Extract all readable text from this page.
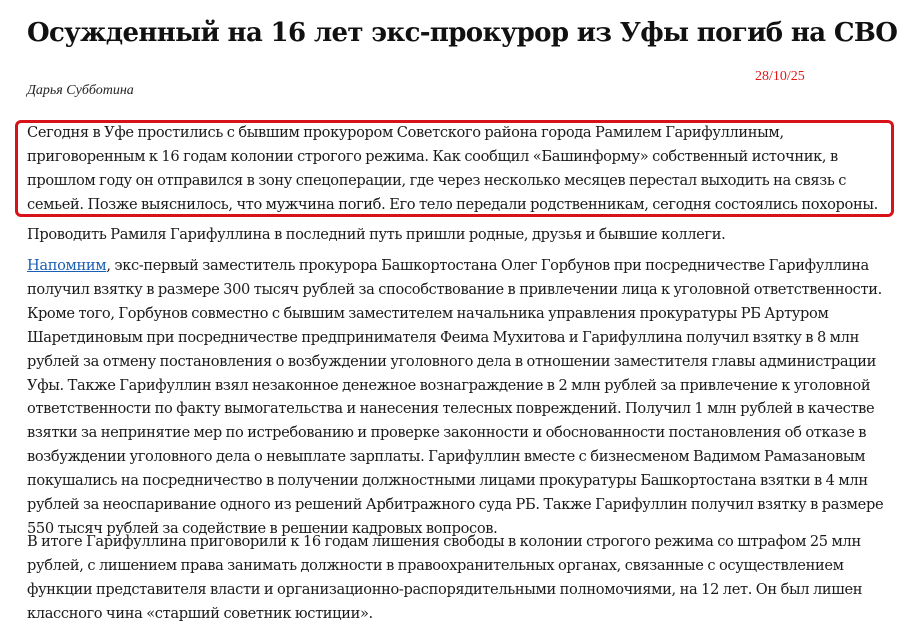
Осужденный на 16 лет экс-прокурор из Уфы погиб на СВО
Дарья Субботина
28/10/25

Сегодня в Уфе простились с бывшим прокурором Советского района города Рамилем Гарифуллиным,
приговоренным к 16 годам колонии строгого режима. Как сообщил «Башинформу» собственный источник, в
прошлом году он отправился в зону спецоперации, где через несколько месяцев перестал выходить на связь с
семьей. Позже выяснилось, что мужчина погиб. Его тело передали родственникам, сегодня состоялись похороны.

Проводить Рамиля Гарифуллина в последний путь пришли родные, друзья и бывшие коллеги.

Напомним, экс-первый заместитель прокурора Башкортостана Олег Горбунов при посредничестве Гарифуллина
получил взятку в размере 300 тысяч рублей за способствование в привлечении лица к уголовной ответственности.
Кроме того, Горбунов совместно с бывшим заместителем начальника управления прокуратуры РБ Артуром
Шаретдиновым при посредничестве предпринимателя Феима Мухитова и Гарифуллина получил взятку в 8 млн
рублей за отмену постановления о возбуждении уголовного дела в отношении заместителя главы администрации
Уфы. Также Гарифуллин взял незаконное денежное вознаграждение в 2 млн рублей за привлечение к уголовной
ответственности по факту вымогательства и нанесения телесных повреждений. Получил 1 млн рублей в качестве
взятки за непринятие мер по истребованию и проверке законности и обоснованности постановления об отказе в
возбуждении уголовного дела о невыплате зарплаты. Гарифуллин вместе с бизнесменом Вадимом Рамазановым
покушались на посредничество в получении должностными лицами прокуратуры Башкортостана взятки в 4 млн
рублей за неоспаривание одного из решений Арбитражного суда РБ. Также Гарифуллин получил взятку в размере
550 тысяч рублей за содействие в решении кадровых вопросов.

В итоге Гарифуллина приговорили к 16 годам лишения свободы в колонии строгого режима со штрафом 25 млн
рублей, с лишением права занимать должности в правоохранительных органах, связанные с осуществлением
функции представителя власти и организационно-распорядительными полномочиями, на 12 лет. Он был лишен
классного чина «старший советник юстиции».
